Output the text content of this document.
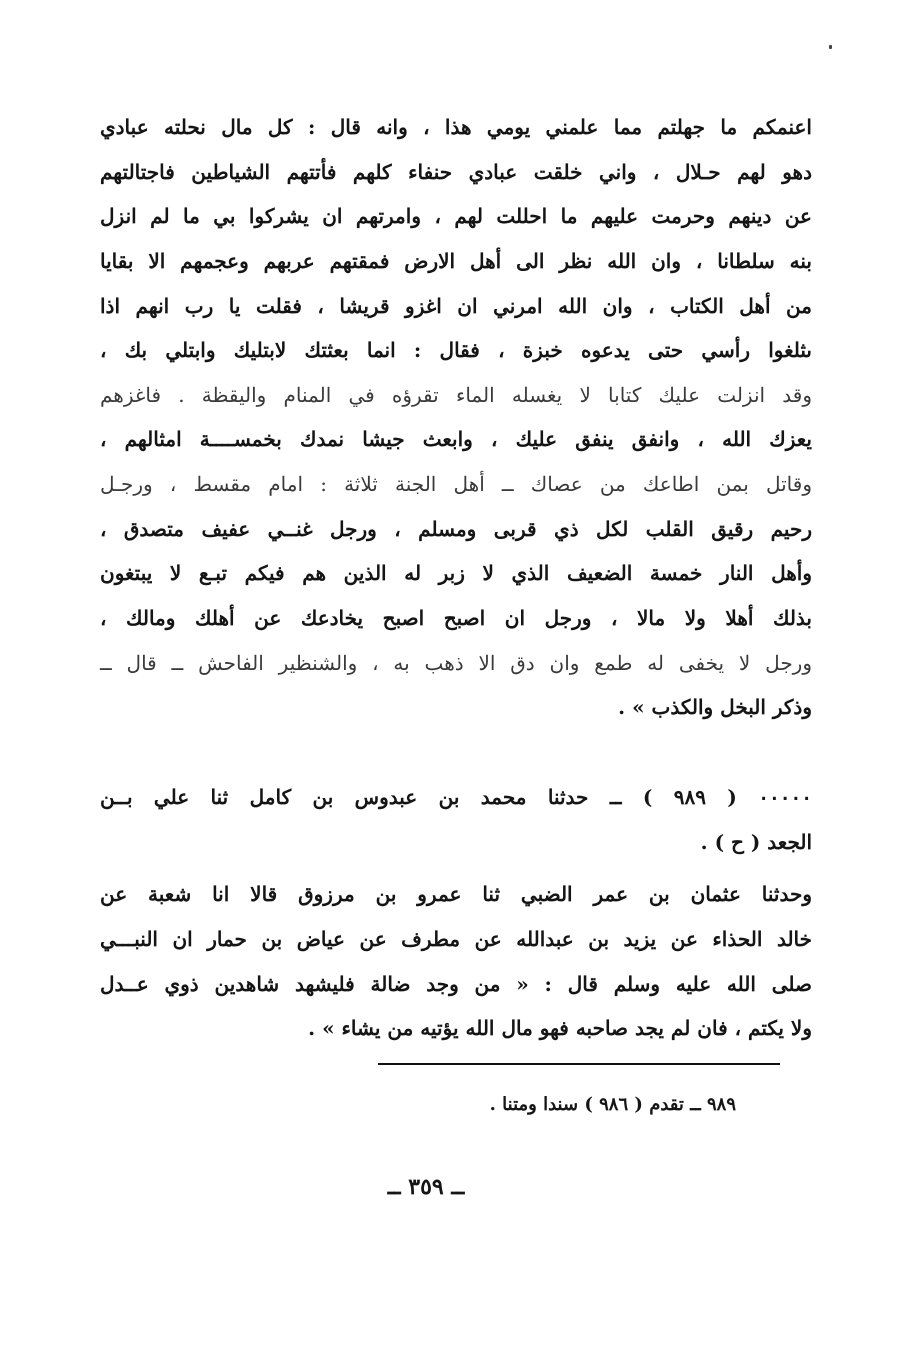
اعنمكم ما جهلتم مما علمني يومي هذا ، وانه قال : كل مال نحلته عبادي
دهو لهم حـلال ، واني خلقت عبادي حنفاء كلهم فأتتهم الشياطين فاجتالتهم
عن دينهم وحرمت عليهم ما احللت لهم ، وامرتهم ان يشركوا بي ما لم انزل
بنه سلطانا ، وان الله نظر الى أهل الارض فمقتهم عربهم وعجمهم الا بقايا
من أهل الكتاب ، وان الله امرني ان اغزو قريشا ، فقلت يا رب انهم اذا
ىثلغوا رأسي حتى يدعوه خبزة ، فقال : انما بعثتك لابتليك وابتلي بك ،
وقد انزلت عليك كتابا لا يغسله الماء تقرؤه في المنام واليقظة . فاغزهم
يعزك الله ، وانفق ينفق عليك ، وابعث جيشا نمدك بخمســــة امثالهم ،
وقاتل بمن اطاعك من عصاك ــ أهل الجنة ثلاثة : امام مقسط ، ورجـل
رحيم رقيق القلب لكل ذي قربى ومسلم ، ورجل غنــي عفيف متصدق ،
وأهل النار خمسة الضعيف الذي لا زبر له الذين هم فيكم تبـع لا يبتغون
بذلك أهلا ولا مالا ، ورجل ان اصبح اصبح يخادعك عن أهلك ومالك ،
ورجل لا يخفى له طمع وان دق الا ذهب به ، والشنظير الفاحش ــ قال ــ
وذكر البخل والكذب » .
٠٠٠٠٠ ( ٩٨٩ ) ــ حدثنا محمد بن عبدوس بن كامل ثنا علي بــن
الجعد ( ح ) .
وحدثنا عثمان بن عمر الضبي ثنا عمرو بن مرزوق قالا انا شعبة عن
خالد الحذاء عن يزيد بن عبدالله عن مطرف عن عياض بن حمار ان النبـــي
صلى الله عليه وسلم قال : « من وجد ضالة فليشهد شاهدين ذوي عــدل
ولا يكتم ، فان لم يجد صاحبه فهو مال الله يؤتيه من يشاء » .
٩٨٩ ــ تقدم ( ٩٨٦ ) سندا ومتنا .
ــ ٣٥٩ ــ
